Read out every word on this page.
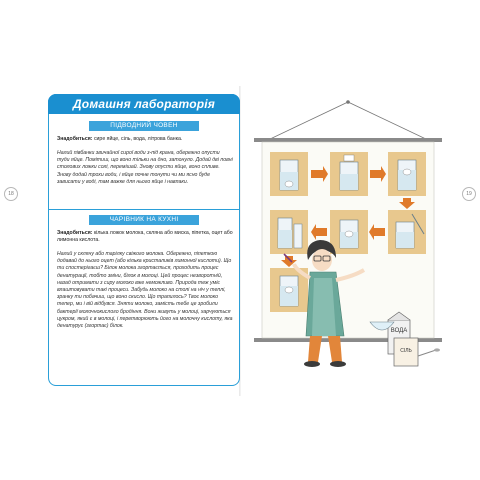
18	19
Домашня лабораторія
ПІДВОДНИЙ ЧОВЕН
Знадобиться: сире яйце, сіль, вода, літрова банка.
Налий півбанки звичайної сирої води з-під крана, обережно опусти туди яйце. Помітиш, що воно тільки на дно, затонуло. Додай дві повні столових ложки солі, перемішай. Знову опусти яйце, воно спливе. Знову додай трохи води, і яйце почне тонути чи ми ясно буде зависати у воді, там важке для нього яйце і навпаки.
ЧАРІВНИК НА КУХНІ
Знадобиться: кілька ложок молока, скляна або миска, піпетка, оцет або лимонна кислота.
Налий у скляну або тарілку свіжого молока. Обережно, піпеткою додавай до нього оцет (або кілька кристаликів лимонної кислоти). Що ти спостерігаєш? Білок молока згортається, проходить процес денатурації, тобто зміни, білок в молоці. Цей процес незворотній, назад отримати з сиру молоко вже неможливо. Природа теж уміє влаштовувати такі процеси. Забудь молоко на столі на ніч у теплі, зранку ти побачиш, що воно скисло. Що трапилось? Твоє молоко тепер, ми і вій відбувся. Зняти молоко, замість тебе це зробили бактерії молочнокислого бродіння. Вони живуть у молоці, харчуються цукром, який є в молоці, і перетворюють його на молочну кислоту, яка денатурує (згортає) білок.
ВОДА
СІЛЬ
